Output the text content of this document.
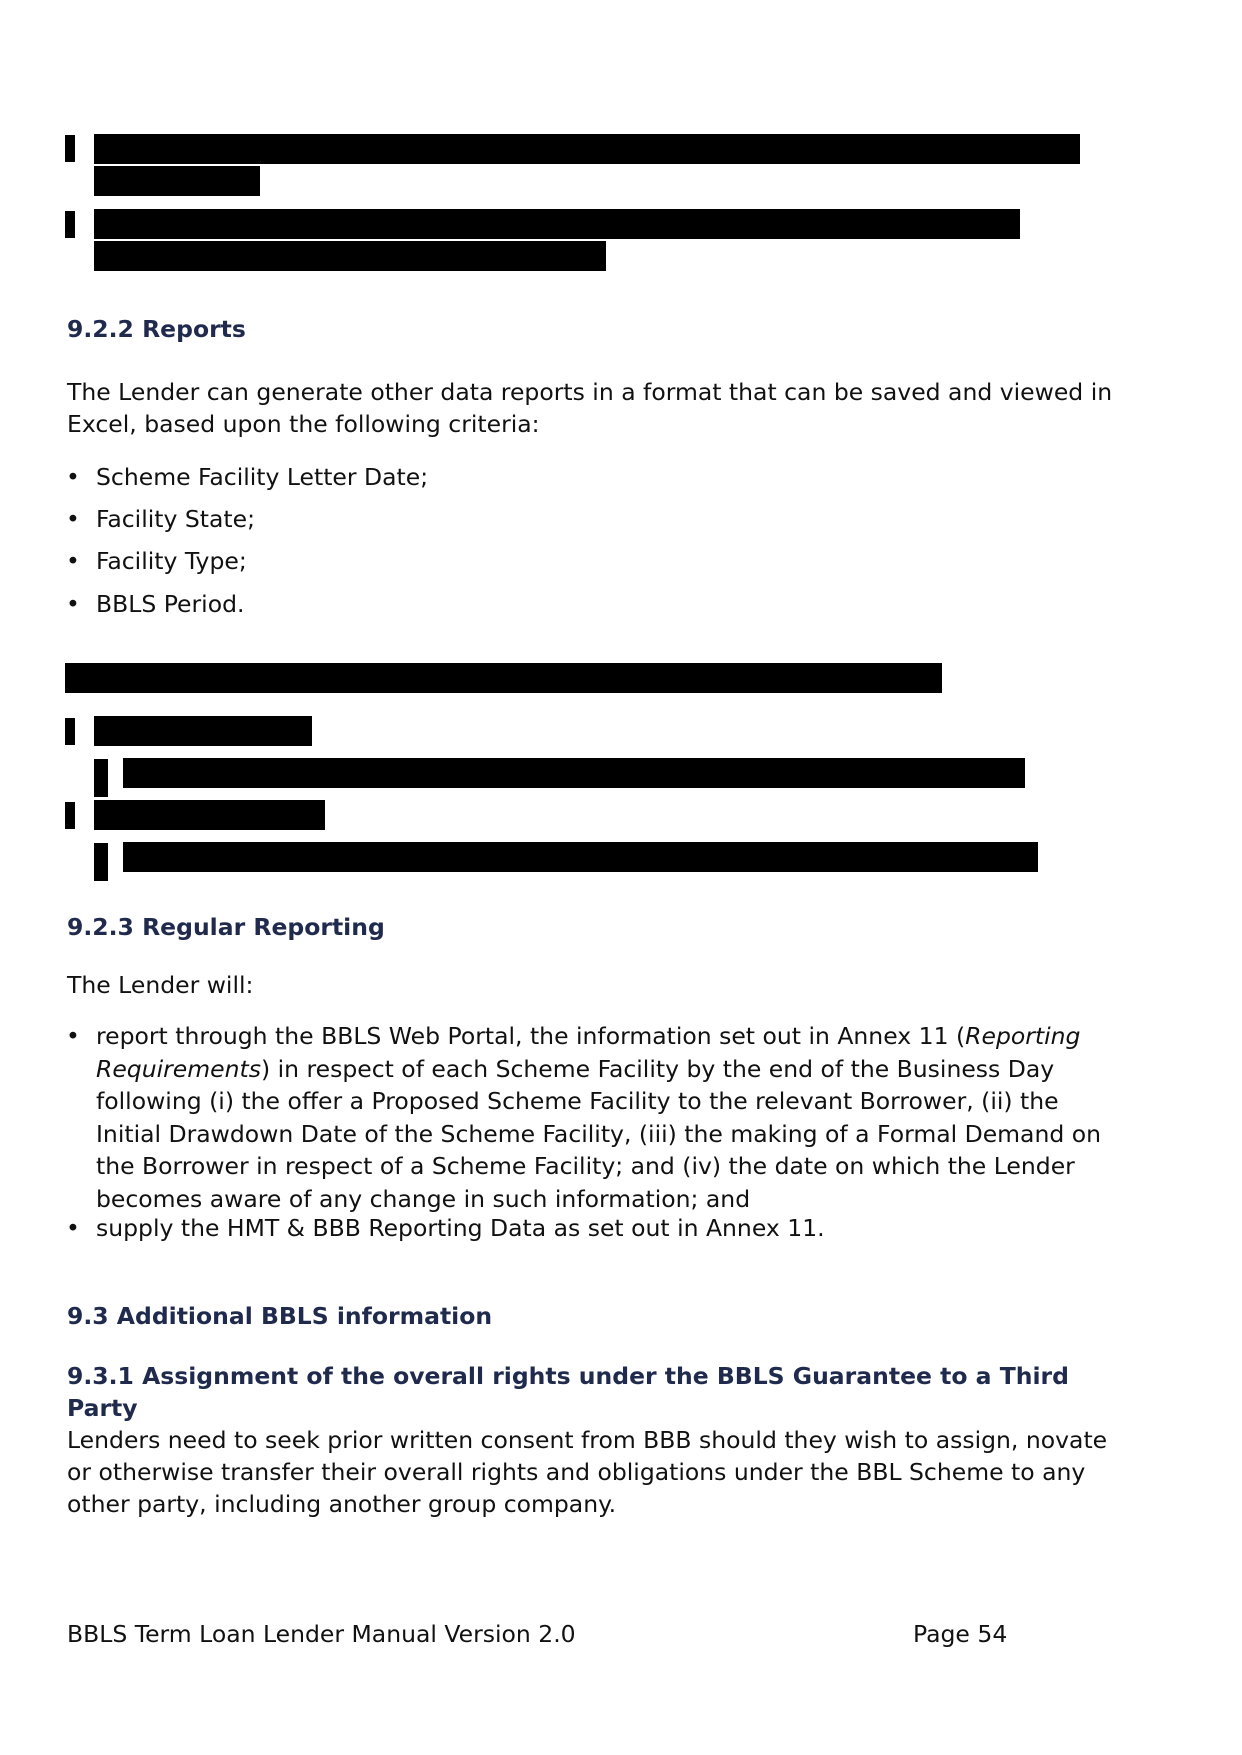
9.2.2 Reports
The Lender can generate other data reports in a format that can be saved and viewed in
Excel, based upon the following criteria:
• Scheme Facility Letter Date;
• Facility State;
• Facility Type;
• BBLS Period.
9.2.3 Regular Reporting
The Lender will:
• report through the BBLS Web Portal, the information set out in Annex 11 (Reporting
Requirements) in respect of each Scheme Facility by the end of the Business Day
following (i) the offer a Proposed Scheme Facility to the relevant Borrower, (ii) the
Initial Drawdown Date of the Scheme Facility, (iii) the making of a Formal Demand on
the Borrower in respect of a Scheme Facility; and (iv) the date on which the Lender
becomes aware of any change in such information; and
• supply the HMT & BBB Reporting Data as set out in Annex 11.
9.3 Additional BBLS information
9.3.1 Assignment of the overall rights under the BBLS Guarantee to a Third
Party
Lenders need to seek prior written consent from BBB should they wish to assign, novate
or otherwise transfer their overall rights and obligations under the BBL Scheme to any
other party, including another group company.
BBLS Term Loan Lender Manual Version 2.0	Page 54
